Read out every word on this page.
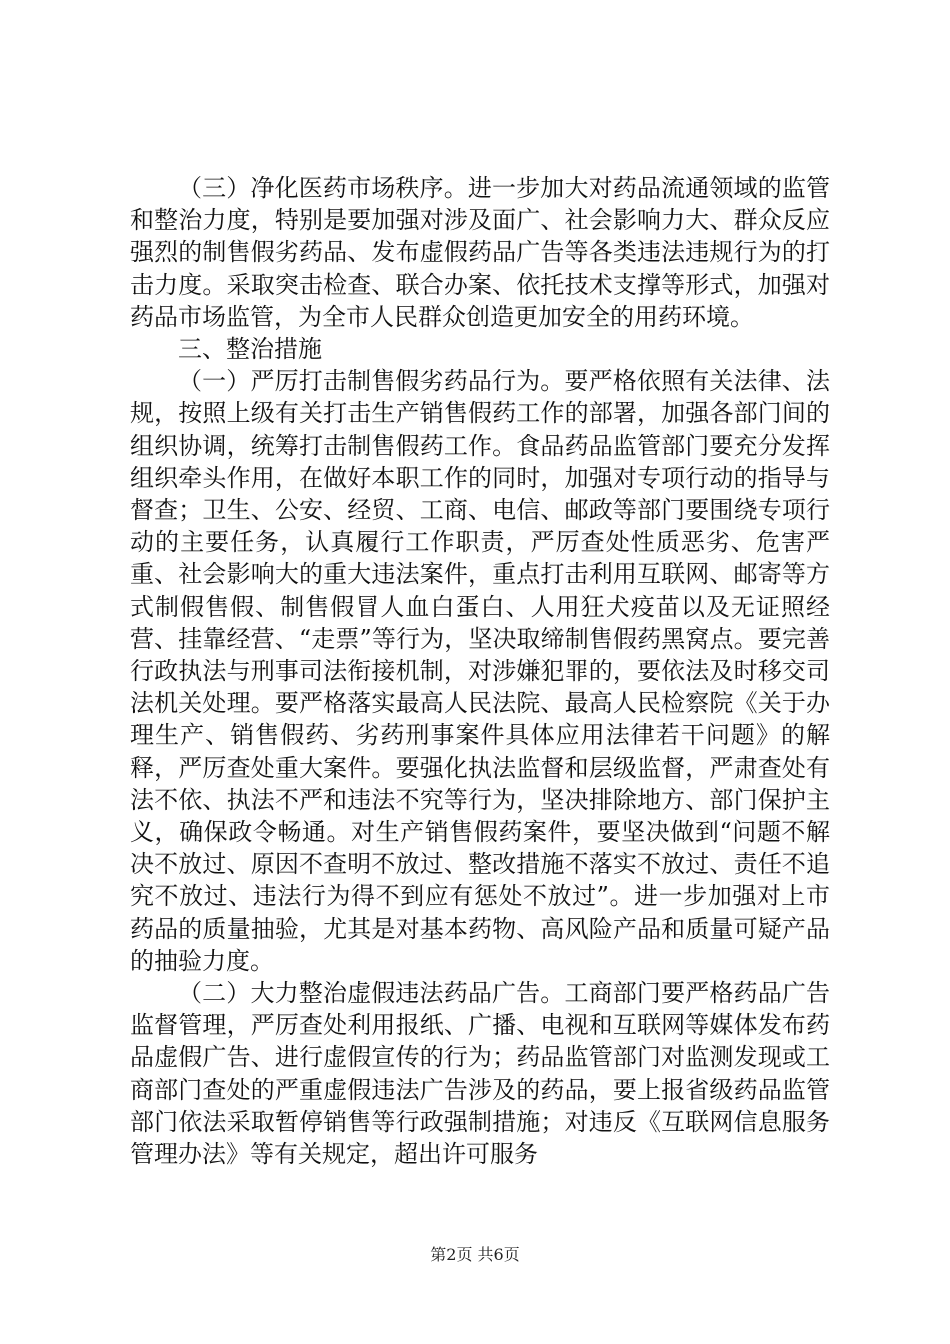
（三）净化医药市场秩序。进一步加大对药品流通领域的监管和整治力度，特别是要加强对涉及面广、社会影响力大、群众反应强烈的制售假劣药品、发布虚假药品广告等各类违法违规行为的打击力度。采取突击检查、联合办案、依托技术支撑等形式，加强对药品市场监管，为全市人民群众创造更加安全的用药环境。

三、整治措施

（一）严厉打击制售假劣药品行为。要严格依照有关法律、法规，按照上级有关打击生产销售假药工作的部署，加强各部门间的组织协调，统筹打击制售假药工作。食品药品监管部门要充分发挥组织牵头作用，在做好本职工作的同时，加强对专项行动的指导与督查；卫生、公安、经贸、工商、电信、邮政等部门要围绕专项行动的主要任务，认真履行工作职责，严厉查处性质恶劣、危害严重、社会影响大的重大违法案件，重点打击利用互联网、邮寄等方式制假售假、制售假冒人血白蛋白、人用狂犬疫苗以及无证照经营、挂靠经营、“走票”等行为，坚决取缔制售假药黑窝点。要完善行政执法与刑事司法衔接机制，对涉嫌犯罪的，要依法及时移交司法机关处理。要严格落实最高人民法院、最高人民检察院《关于办理生产、销售假药、劣药刑事案件具体应用法律若干问题》的解释，严厉查处重大案件。要强化执法监督和层级监督，严肃查处有法不依、执法不严和违法不究等行为，坚决排除地方、部门保护主义，确保政令畅通。对生产销售假药案件，要坚决做到“问题不解决不放过、原因不查明不放过、整改措施不落实不放过、责任不追究不放过、违法行为得不到应有惩处不放过”。进一步加强对上市药品的质量抽验，尤其是对基本药物、高风险产品和质量可疑产品的抽验力度。

（二）大力整治虚假违法药品广告。工商部门要严格药品广告监督管理，严厉查处利用报纸、广播、电视和互联网等媒体发布药品虚假广告、进行虚假宣传的行为；药品监管部门对监测发现或工商部门查处的严重虚假违法广告涉及的药品，要上报省级药品监管部门依法采取暂停销售等行政强制措施；对违反《互联网信息服务管理办法》等有关规定，超出许可服务

第2页 共6页
